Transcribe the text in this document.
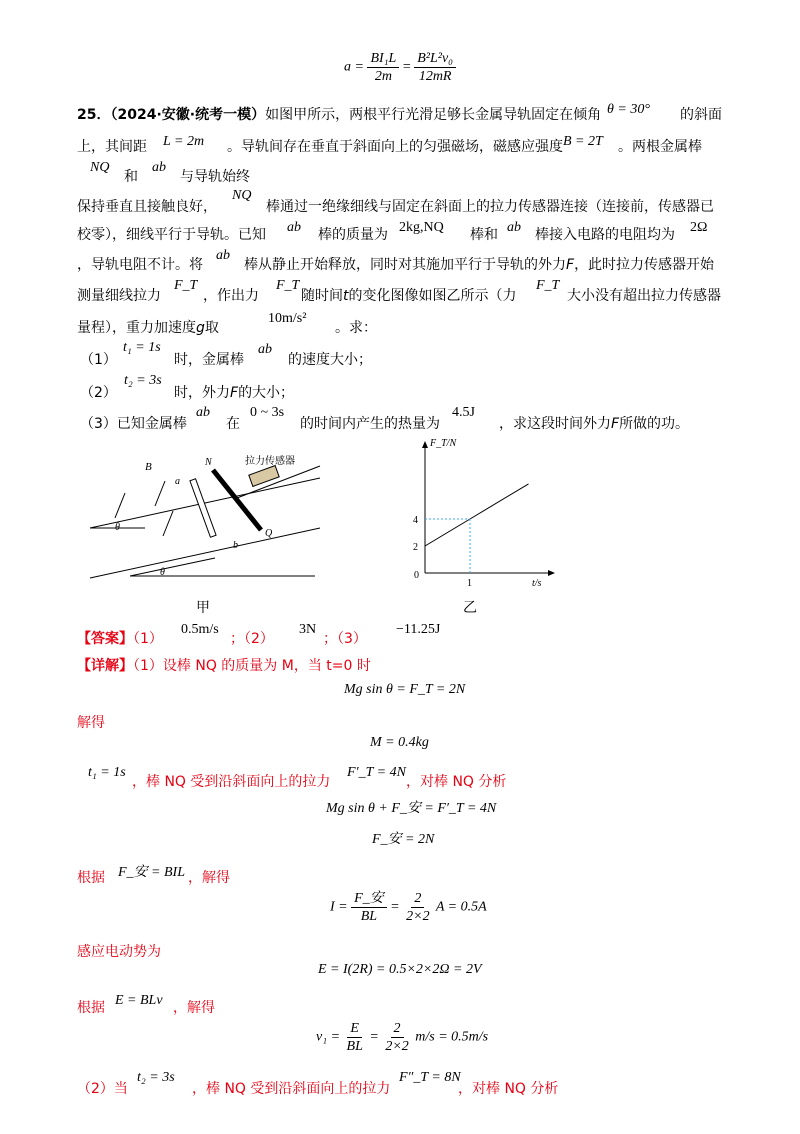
$a = \frac{\text{BI₁L}}{2m} = \frac{\text{B²L²v₀}}{12mR}$
25．（2024·安徽·统考一模）如图甲所示，两根平行光滑足够长金属导轨固定在倾角 θ = 30° 的斜面
上，其间距 L = 2m 。导轨间存在垂直于斜面向上的匀强磁场，磁感应强度 B = 2T 。两根金属棒
NQ
和
ab
与导轨始终
保持垂直且接触良好，
NQ
棒通过一绝缘细线与固定在斜面上的拉力传感器连接（连接前，传感器已
校零），细线平行于导轨。已知 ab 棒的质量为 2kg,NQ 棒和 ab 棒接入电路的电阻均为 2Ω
，导轨电阻不计。将
ab
棒从静止开始释放，同时对其施加平行于导轨的外力F，此时拉力传感器开始
测量细线拉力
F_T
，作出力
F_T
随时间t的变化图像如图乙所示（力
F_T
大小没有超出拉力传感器
量程），重力加速度g取
10m/s²
。求：
（1）
t₁ = 1s
时，金属棒
ab
的速度大小；
（2）
t₂ = 3s
时，外力F的大小；
（3）已知金属棒
ab
在
0 ~ 3s
的时间内产生的热量为
4.5J
，求这段时间外力F所做的功。
B
a
N	拉力传感器
b
Q
θ
θ
甲
F_T/N
t/s
0
2
4
1
乙
【答案】（1）
0.5m/s
；（2）
3N
；（3）
−11.25J
【详解】（1）设棒 NQ 的质量为 M，当 t=0 时
Mg sin θ = F_T = 2N
解得
M = 0.4kg
t₁ = 1s
，棒 NQ 受到沿斜面向上的拉力
F′_T = 4N
，对棒 NQ 分析
Mg sin θ + F_安 = F′_T = 4N
F_安 = 2N
根据 F_安 = BIL ，解得
$I = \frac{\text{F\_安}}{BL} = \frac{2}{2\times 2}$ A = 0.5A
感应电动势为
E = I(2R) = 0.5×2×2Ω = 2V
根据 E = BLv ，解得
$v_1 = \frac{E}{BL} = \frac{2}{2\times 2} m/s = 0.5m/s$
（2）当
t₂ = 3s
，棒 NQ 受到沿斜面向上的拉力
F″_T = 8N
，对棒 NQ 分析
